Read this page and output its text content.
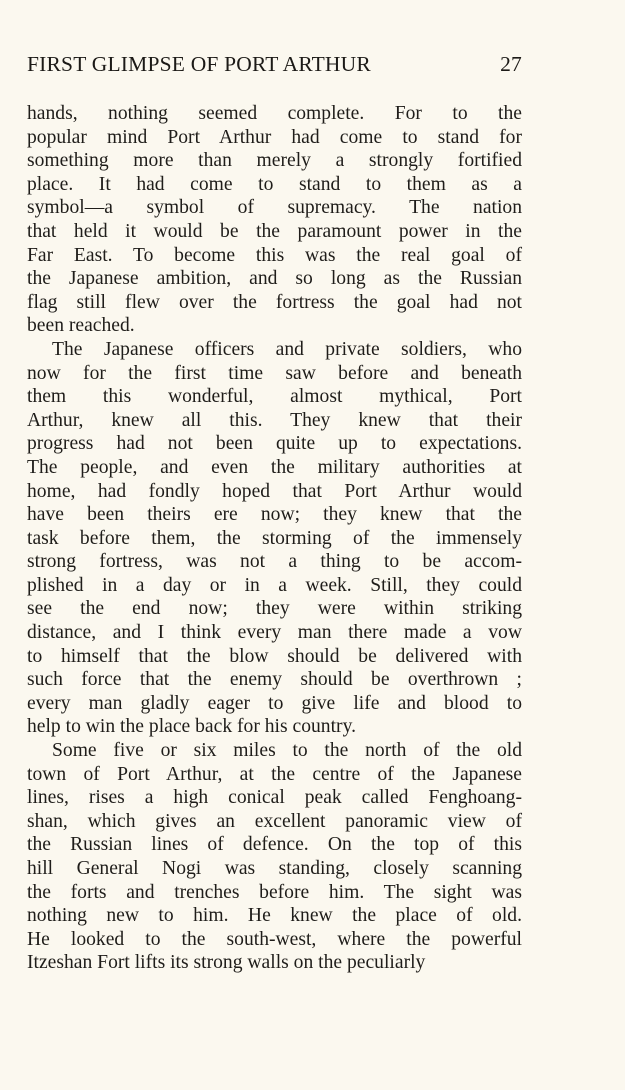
FIRST GLIMPSE OF PORT ARTHUR	27
hands, nothing seemed complete. For to the
popular mind Port Arthur had come to stand for
something more than merely a strongly fortified
place. It had come to stand to them as a
symbol—a symbol of supremacy. The nation
that held it would be the paramount power in the
Far East. To become this was the real goal of
the Japanese ambition, and so long as the Russian
flag still flew over the fortress the goal had not
been reached.
The Japanese officers and private soldiers, who
now for the first time saw before and beneath
them this wonderful, almost mythical, Port
Arthur, knew all this. They knew that their
progress had not been quite up to expectations.
The people, and even the military authorities at
home, had fondly hoped that Port Arthur would
have been theirs ere now; they knew that the
task before them, the storming of the immensely
strong fortress, was not a thing to be accom-
plished in a day or in a week. Still, they could
see the end now; they were within striking
distance, and I think every man there made a vow
to himself that the blow should be delivered with
such force that the enemy should be overthrown ;
every man gladly eager to give life and blood to
help to win the place back for his country.
Some five or six miles to the north of the old
town of Port Arthur, at the centre of the Japanese
lines, rises a high conical peak called Fenghoang-
shan, which gives an excellent panoramic view of
the Russian lines of defence. On the top of this
hill General Nogi was standing, closely scanning
the forts and trenches before him. The sight was
nothing new to him. He knew the place of old.
He looked to the south-west, where the powerful
Itzeshan Fort lifts its strong walls on the peculiarly
